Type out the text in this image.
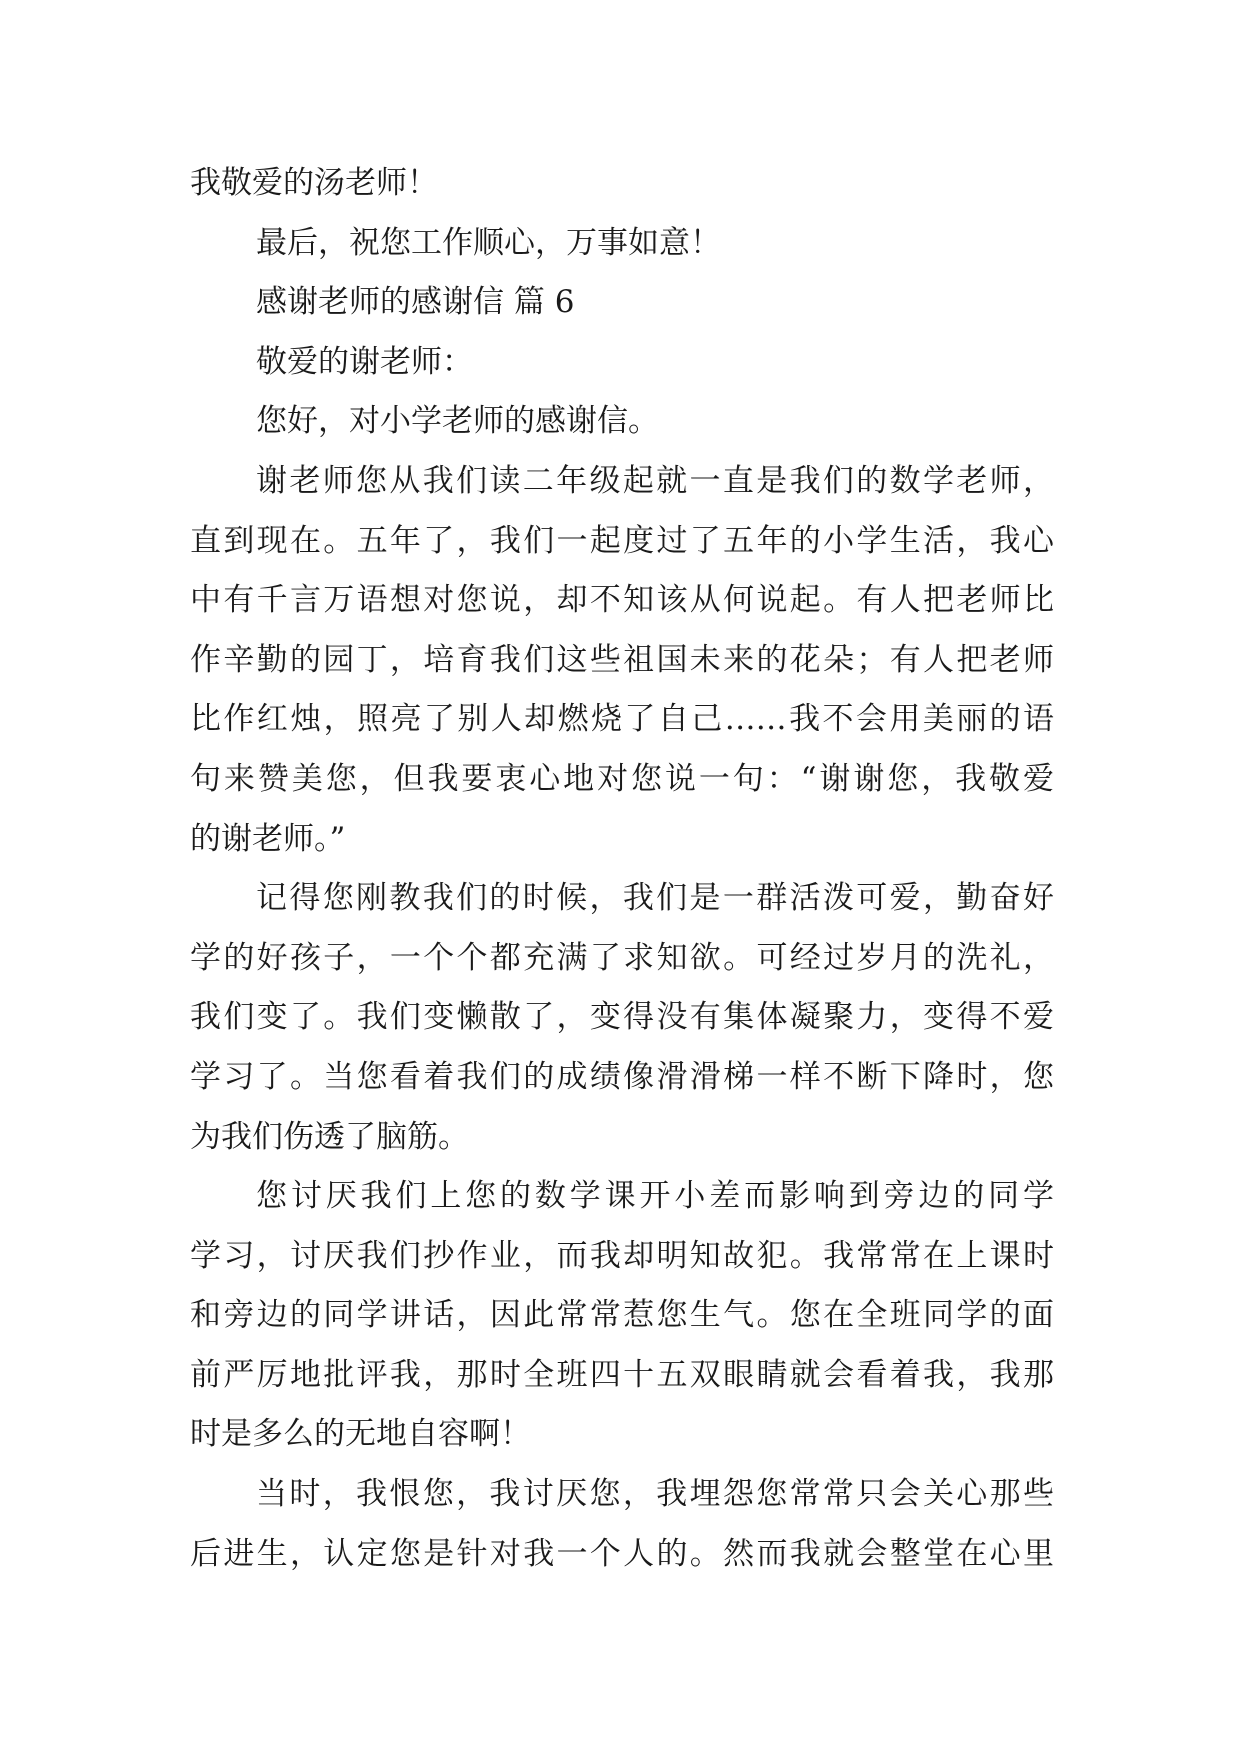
我敬爱的汤老师！

最后，祝您工作顺心，万事如意！

感谢老师的感谢信 篇 6

敬爱的谢老师：

您好，对小学老师的感谢信。

谢老师您从我们读二年级起就一直是我们的数学老师，

直到现在。五年了，我们一起度过了五年的小学生活，我心

中有千言万语想对您说，却不知该从何说起。有人把老师比

作辛勤的园丁，培育我们这些祖国未来的花朵；有人把老师

比作红烛，照亮了别人却燃烧了自己……我不会用美丽的语

句来赞美您，但我要衷心地对您说一句：“谢谢您，我敬爱

的谢老师。”

记得您刚教我们的时候，我们是一群活泼可爱，勤奋好

学的好孩子，一个个都充满了求知欲。可经过岁月的洗礼，

我们变了。我们变懒散了，变得没有集体凝聚力，变得不爱

学习了。当您看着我们的成绩像滑滑梯一样不断下降时，您

为我们伤透了脑筋。

您讨厌我们上您的数学课开小差而影响到旁边的同学

学习，讨厌我们抄作业，而我却明知故犯。我常常在上课时

和旁边的同学讲话，因此常常惹您生气。您在全班同学的面

前严厉地批评我，那时全班四十五双眼睛就会看着我，我那

时是多么的无地自容啊！

当时，我恨您，我讨厌您，我埋怨您常常只会关心那些

后进生，认定您是针对我一个人的。然而我就会整堂在心里
